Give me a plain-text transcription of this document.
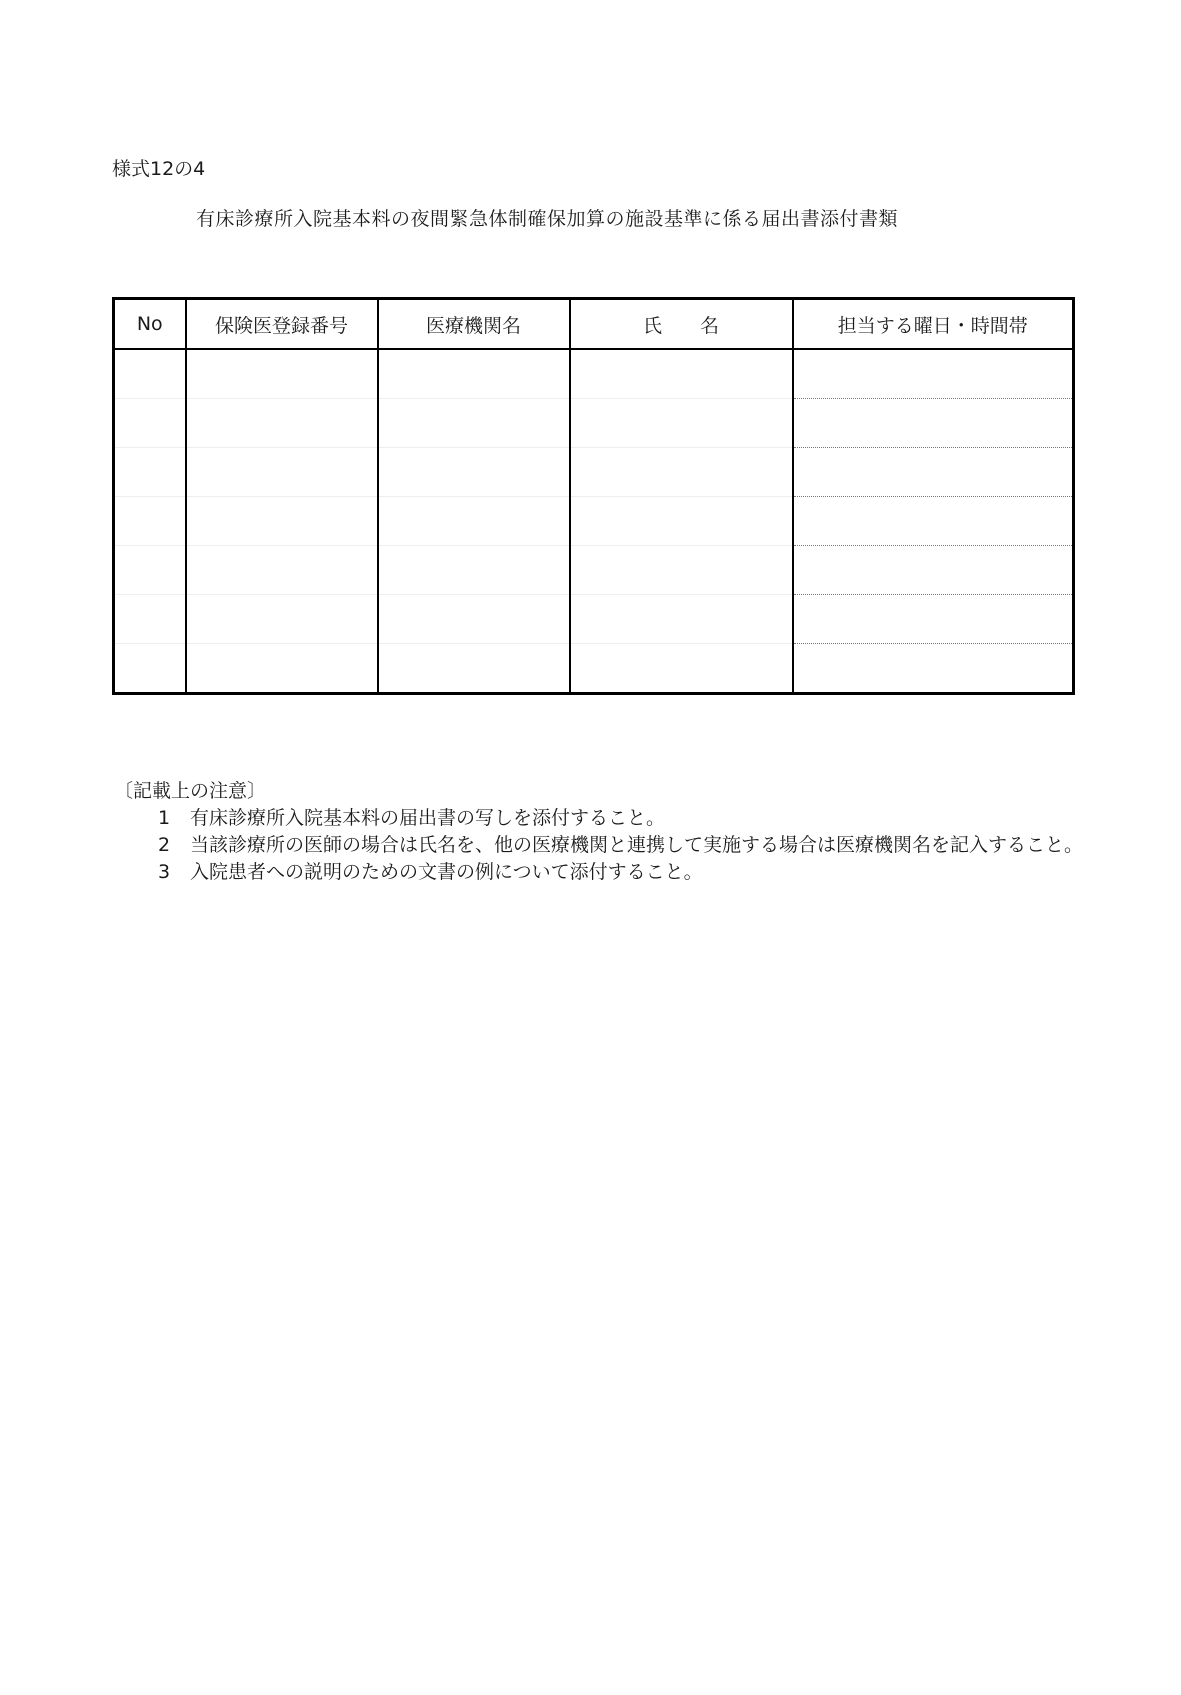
様式12の4
有床診療所入院基本料の夜間緊急体制確保加算の施設基準に係る届出書添付書類
No	保険医登録番号	医療機関名	氏　　名	担当する曜日・時間帯

〔記載上の注意〕
1 有床診療所入院基本料の届出書の写しを添付すること。
2 当該診療所の医師の場合は氏名を、他の医療機関と連携して実施する場合は医療機関名を記入すること。
3 入院患者への説明のための文書の例について添付すること。
